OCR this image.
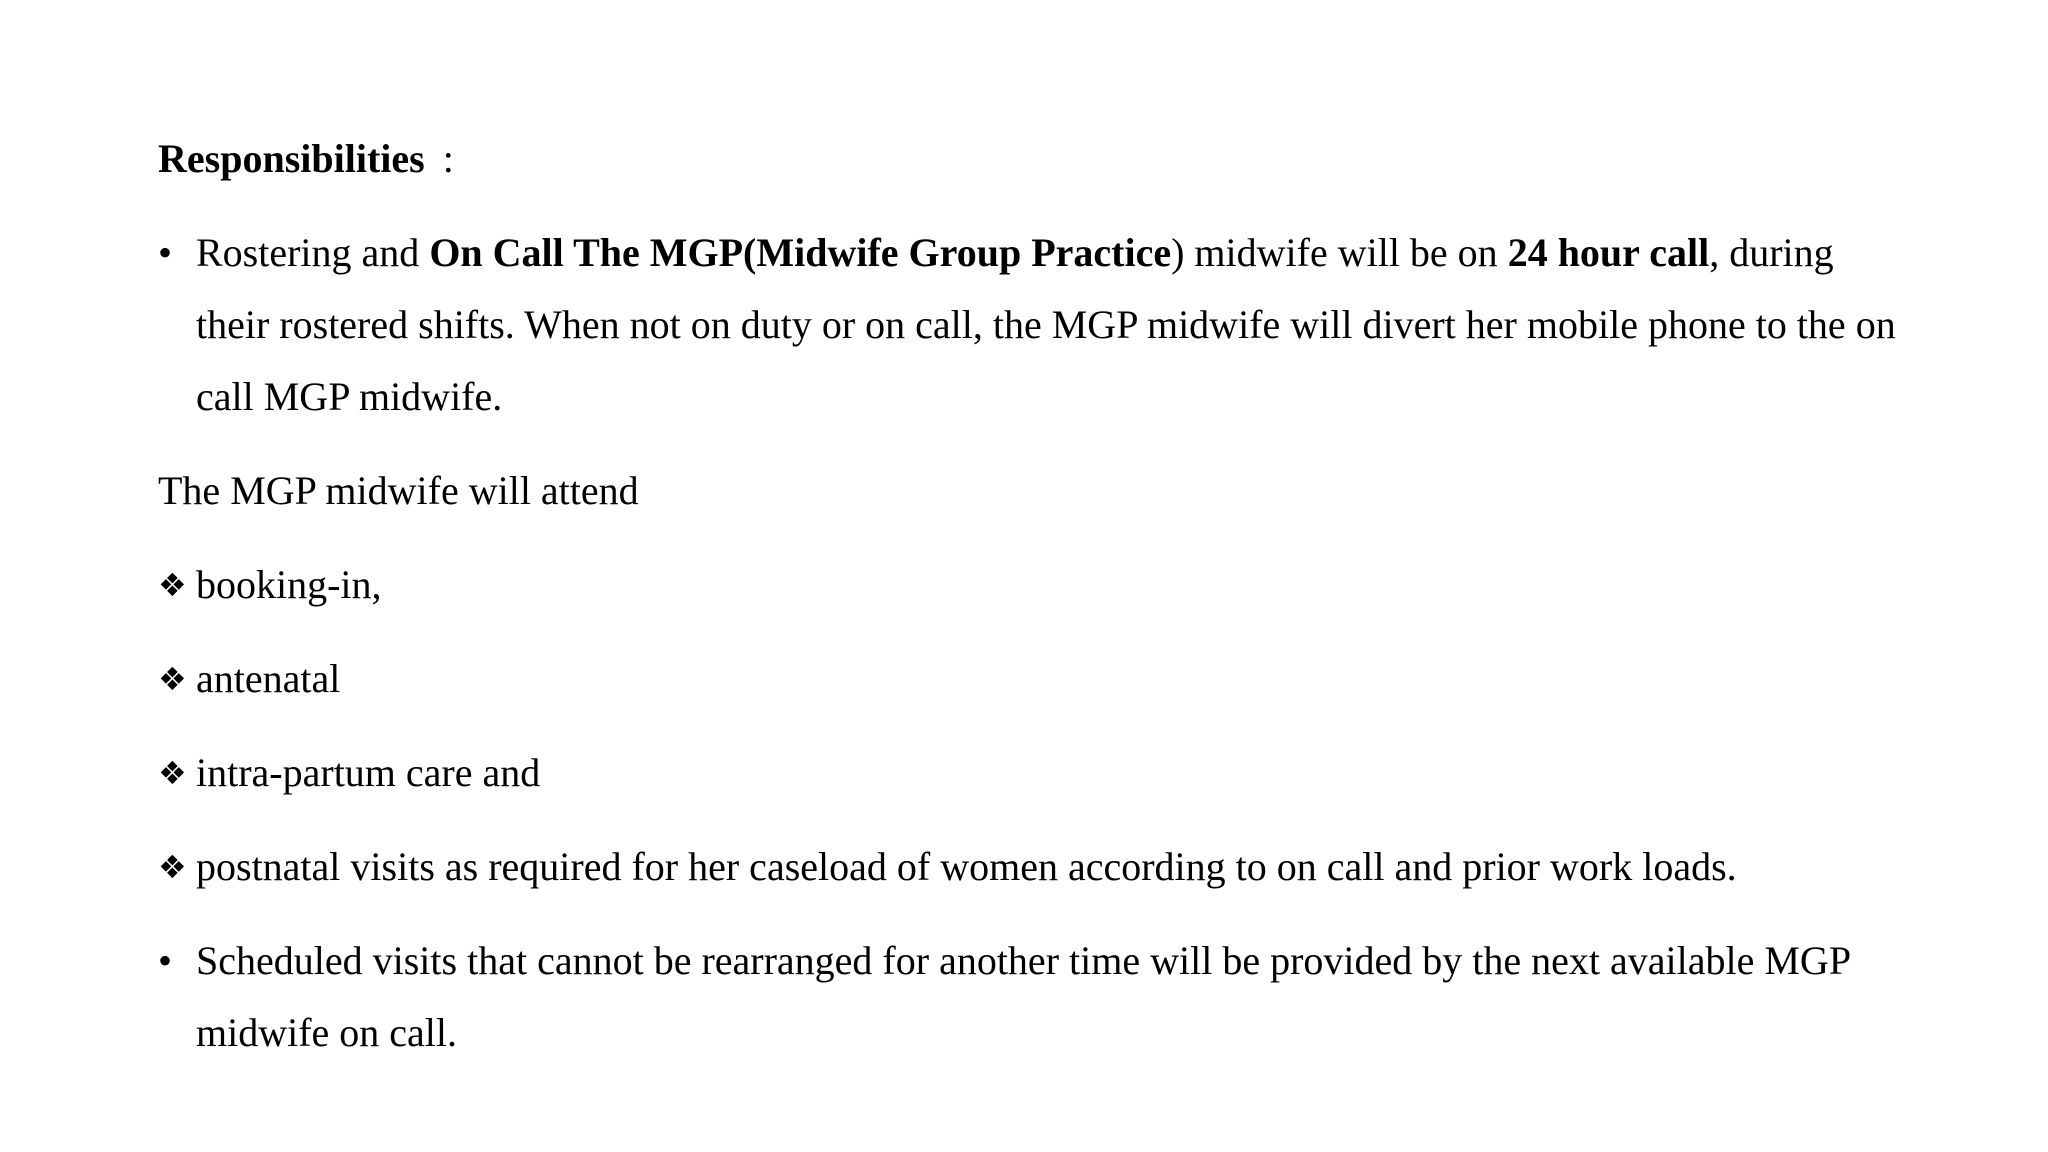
Responsibilities :
• Rostering and On Call The MGP(Midwife Group Practice) midwife will be on 24 hour call, during their rostered shifts. When not on duty or on call, the MGP midwife will divert her mobile phone to the on call MGP midwife.
The MGP midwife will attend
❖ booking-in,
❖ antenatal
❖ intra-partum care and
❖ postnatal visits as required for her caseload of women according to on call and prior work loads.
• Scheduled visits that cannot be rearranged for another time will be provided by the next available MGP midwife on call.
